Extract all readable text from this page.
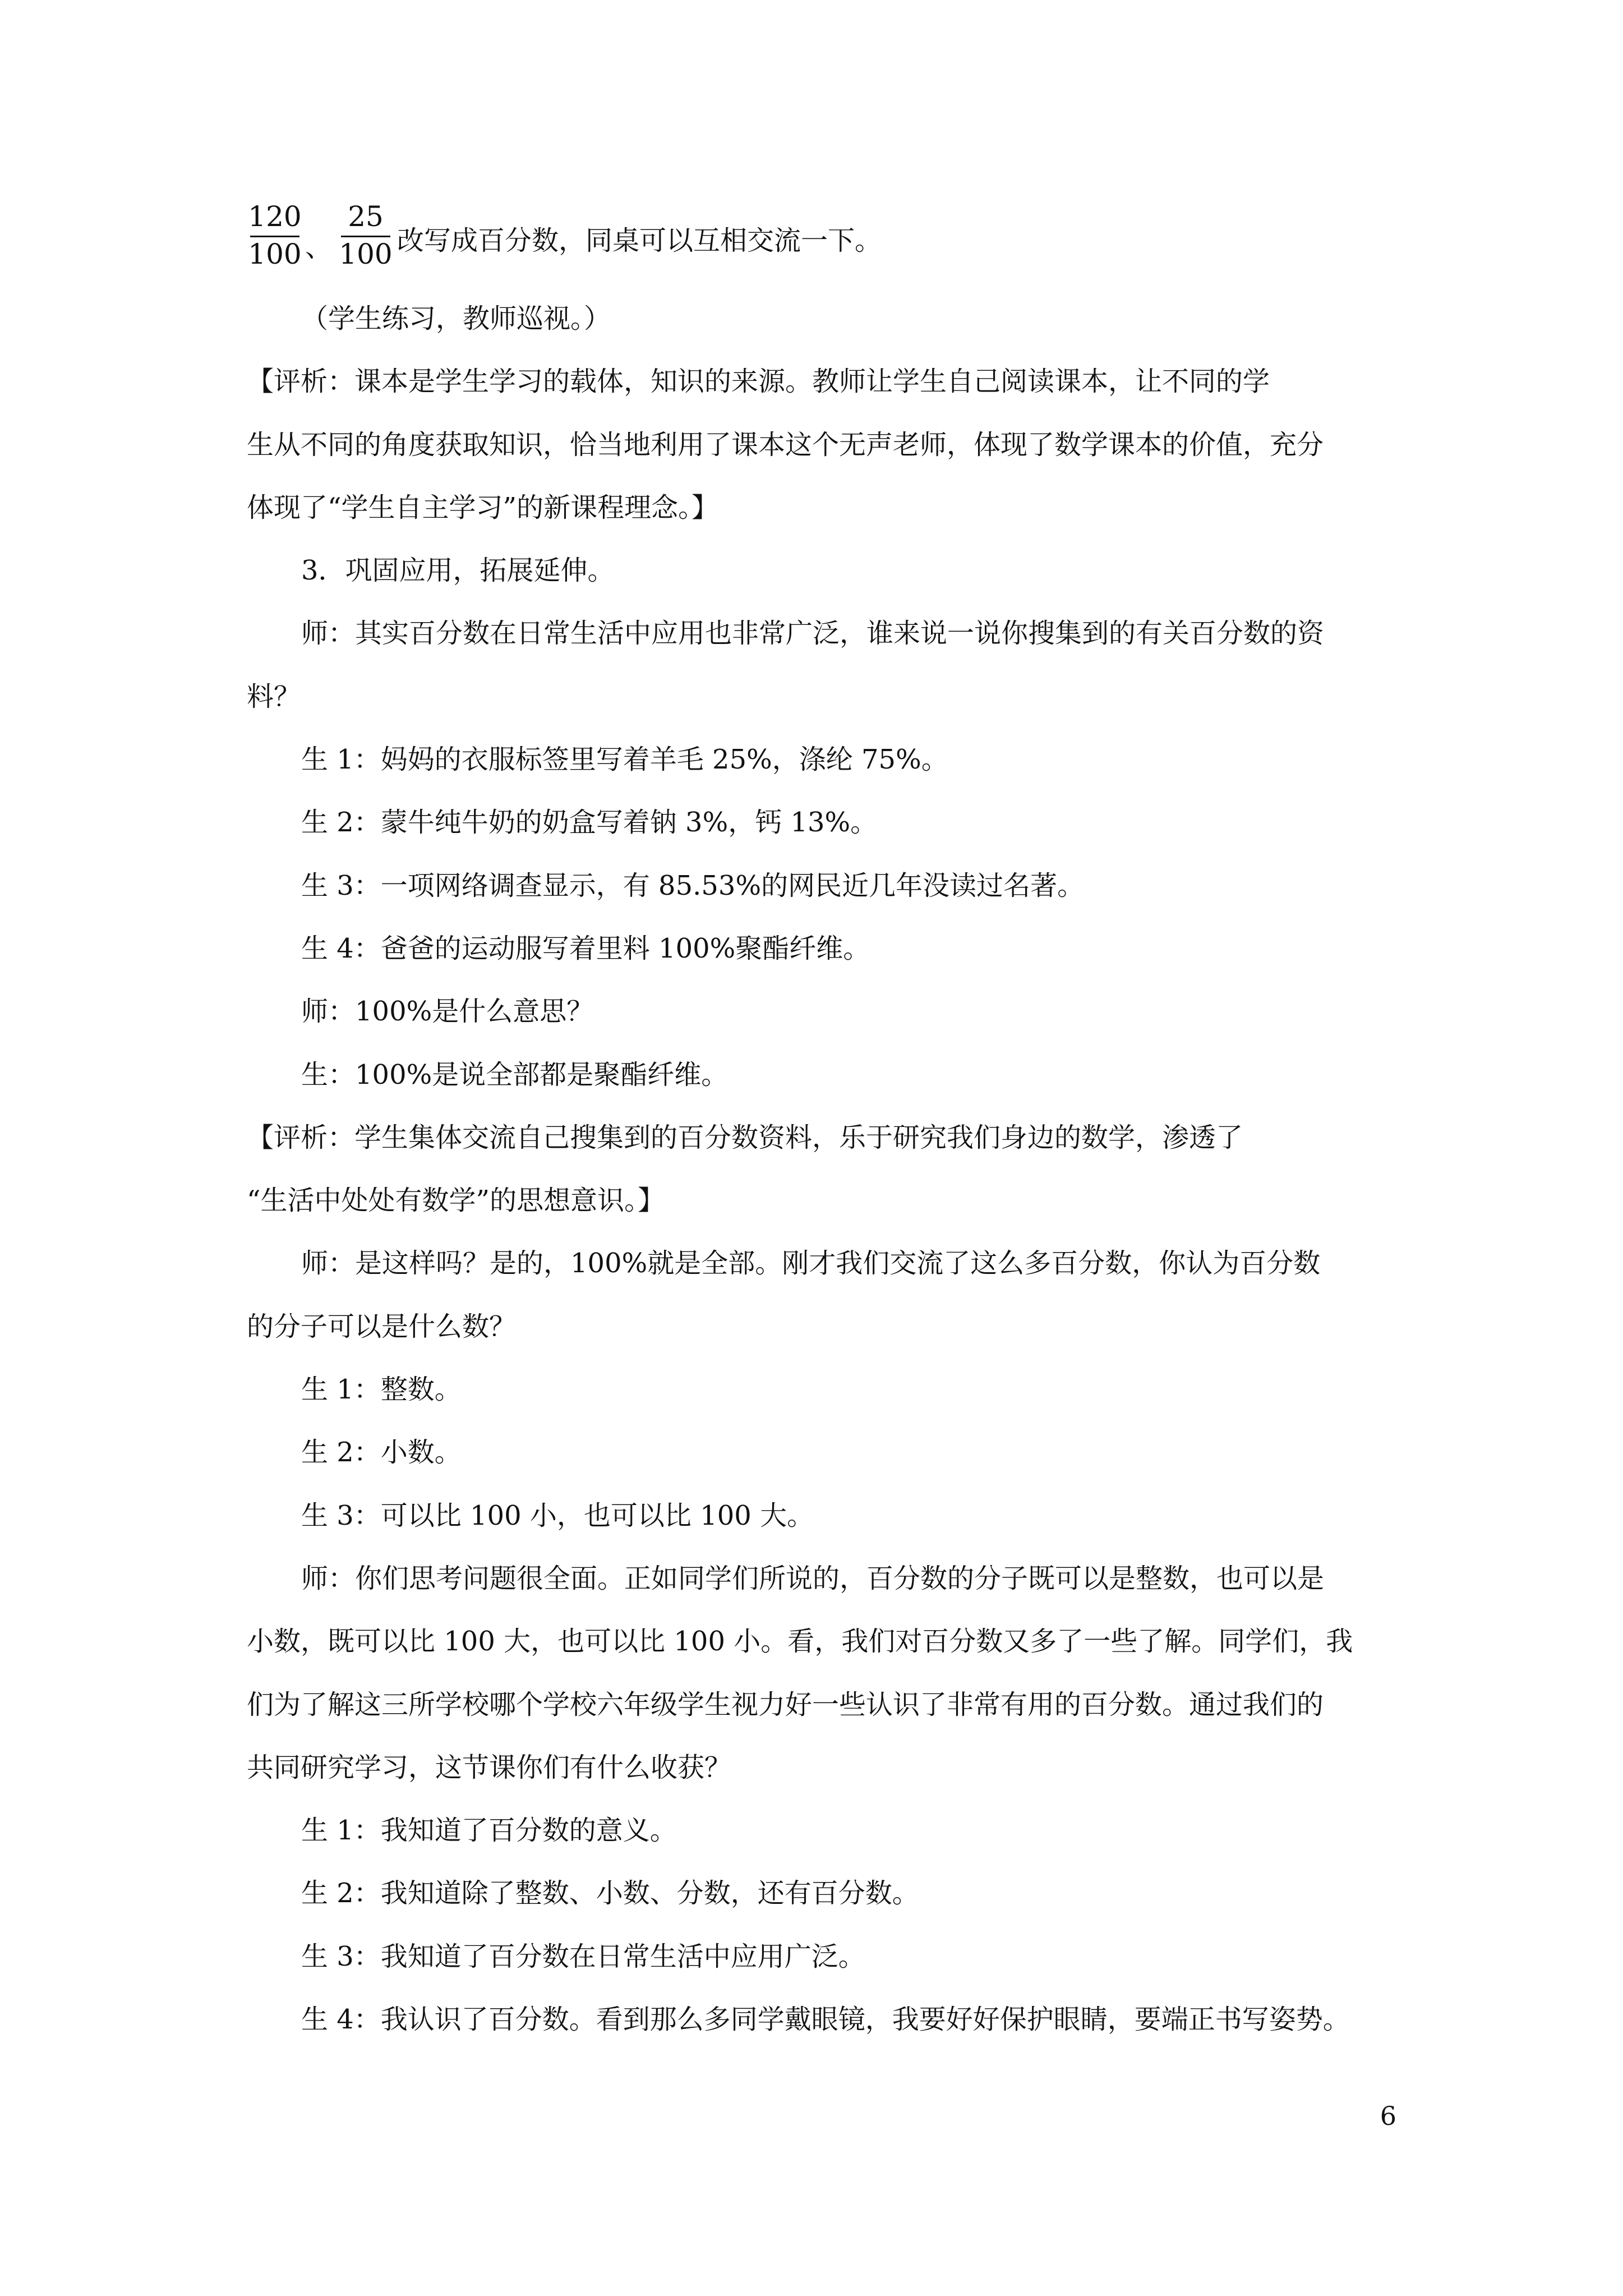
120
100 、
25
100 改写成百分数，同桌可以互相交流一下。
（学生练习，教师巡视。）
【评析：课本是学生学习的载体，知识的来源。教师让学生自己阅读课本，让不同的学
生从不同的角度获取知识，恰当地利用了课本这个无声老师，体现了数学课本的价值，充分
体现了“学生自主学习”的新课程理念。】
3．巩固应用，拓展延伸。
师：其实百分数在日常生活中应用也非常广泛，谁来说一说你搜集到的有关百分数的资
料？
生 1：妈妈的衣服标签里写着羊毛 25%，涤纶 75%。
生 2：蒙牛纯牛奶的奶盒写着钠 3%，钙 13%。
生 3：一项网络调查显示，有 85.53%的网民近几年没读过名著。
生 4：爸爸的运动服写着里料 100%聚酯纤维。
师：100%是什么意思？
生：100%是说全部都是聚酯纤维。
【评析：学生集体交流自己搜集到的百分数资料，乐于研究我们身边的数学，渗透了
“生活中处处有数学”的思想意识。】
师：是这样吗？是的，100%就是全部。刚才我们交流了这么多百分数，你认为百分数
的分子可以是什么数？
生 1：整数。
生 2：小数。
生 3：可以比 100 小，也可以比 100 大。
师：你们思考问题很全面。正如同学们所说的，百分数的分子既可以是整数，也可以是
小数，既可以比 100 大，也可以比 100 小。看，我们对百分数又多了一些了解。同学们，我
们为了解这三所学校哪个学校六年级学生视力好一些认识了非常有用的百分数。通过我们的
共同研究学习，这节课你们有什么收获？
生 1：我知道了百分数的意义。
生 2：我知道除了整数、小数、分数，还有百分数。
生 3：我知道了百分数在日常生活中应用广泛。
生 4：我认识了百分数。看到那么多同学戴眼镜，我要好好保护眼睛，要端正书写姿势。
6
